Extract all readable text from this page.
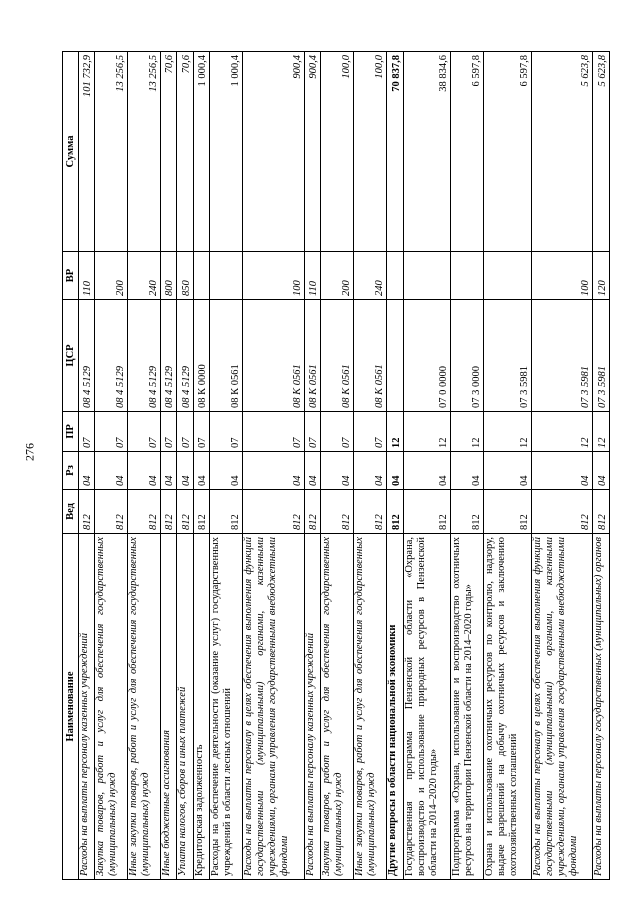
276
Наименование	Вед	Рз	ПР	ЦСР	ВР	Сумма
Расходы на выплаты персоналу казенных учреждений	812	04	07	08 4 5129	110	101 732,9
Закупка товаров, работ и услуг для обеспечения государственных (муниципальных) нужд	812	04	07	08 4 5129	200	13 256,5
Иные закупки товаров, работ и услуг для обеспечения государственных (муниципальных) нужд	812	04	07	08 4 5129	240	13 256,5
Иные бюджетные ассигнования	812	04	07	08 4 5129	800	70,6
Уплата налогов, сборов и иных платежей	812	04	07	08 4 5129	850	70,6
Кредиторская задолженность	812	04	07	08 К 0000		1 000,4
Расходы на обеспечение деятельности (оказание услуг) государственных учреждений в области лесных отношений	812	04	07	08 К 0561		1 000,4
Расходы на выплаты персоналу в целях обеспечения выполнения функций государственными (муниципальными) органами, казенными учреждениями, органами управления государственными внебюджетными фондами	812	04	07	08 К 0561	100	900,4
Расходы на выплаты персоналу казенных учреждений	812	04	07	08 К 0561	110	900,4
Закупка товаров, работ и услуг для обеспечения государственных (муниципальных) нужд	812	04	07	08 К 0561	200	100,0
Иные закупки товаров, работ и услуг для обеспечения государственных (муниципальных) нужд	812	04	07	08 К 0561	240	100,0
Другие вопросы в области национальной экономики	812	04	12			70 837,8
Государственная программа Пензенской области «Охрана, воспроизводство и использование природных ресурсов в Пензенской области на 2014–2020 годы»	812	04	12	07 0 0000		38 834,6
Подпрограмма «Охрана, использование и воспроизводство охотничьих ресурсов на территории Пензенской области на 2014–2020 годы»	812	04	12	07 3 0000		6 597,8
Охрана и использование охотничьих ресурсов по контролю, надзору, выдаче разрешений на добычу охотничьих ресурсов и заключению охотхозяйственных соглашений	812	04	12	07 3 5981		6 597,8
Расходы на выплаты персоналу в целях обеспечения выполнения функций государственными (муниципальными) органами, казенными учреждениями, органами управления государственными внебюджетными фондами	812	04	12	07 3 5981	100	5 623,8
Расходы на выплаты персоналу государственных (муниципальных) органов	812	04	12	07 3 5981	120	5 623,8
